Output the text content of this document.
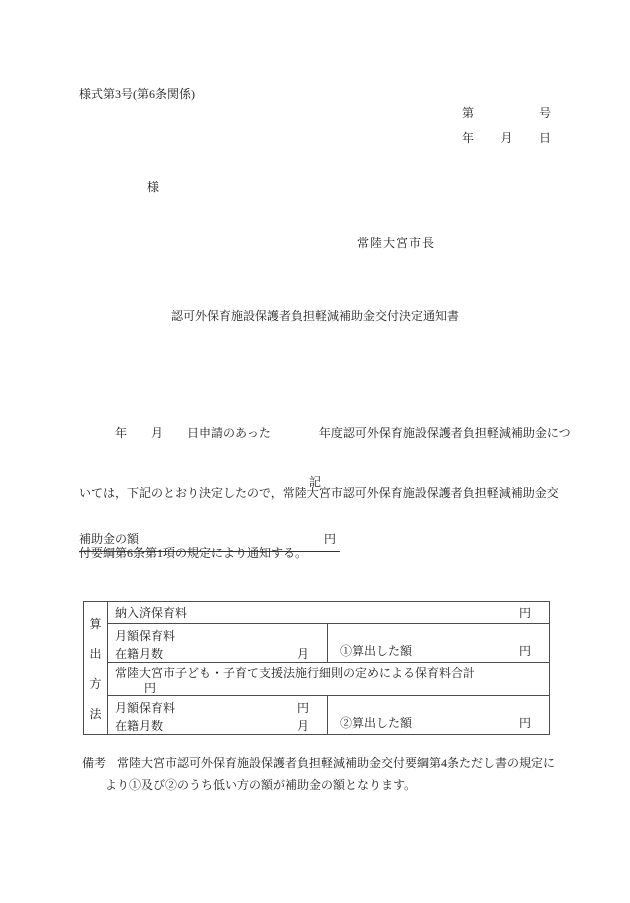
様式第3号(第6条関係)
第	号
年 月 日
様
常陸大宮市長
認可外保育施設保護者負担軽減補助金交付決定通知書

　　　年　　月　　日申請のあった　　　　年度認可外保育施設保護者負担軽減補助金につ

いては，下記のとおり決定したので，常陸大宮市認可外保育施設保護者負担軽減補助金交

付要綱第6条第1項の規定により通知する。

記
補助金の額	円
算
出
方
法
納入済保育料	円
月額保育料
在籍月数	月	①算出した額	円
常陸大宮市子ども・子育て支援法施行細則の定めによる保育料合計
円
月額保育料	円
在籍月数	月	②算出した額	円
備考 常陸大宮市認可外保育施設保護者負担軽減補助金交付要綱第4条ただし書の規定に
より①及び②のうち低い方の額が補助金の額となります。
